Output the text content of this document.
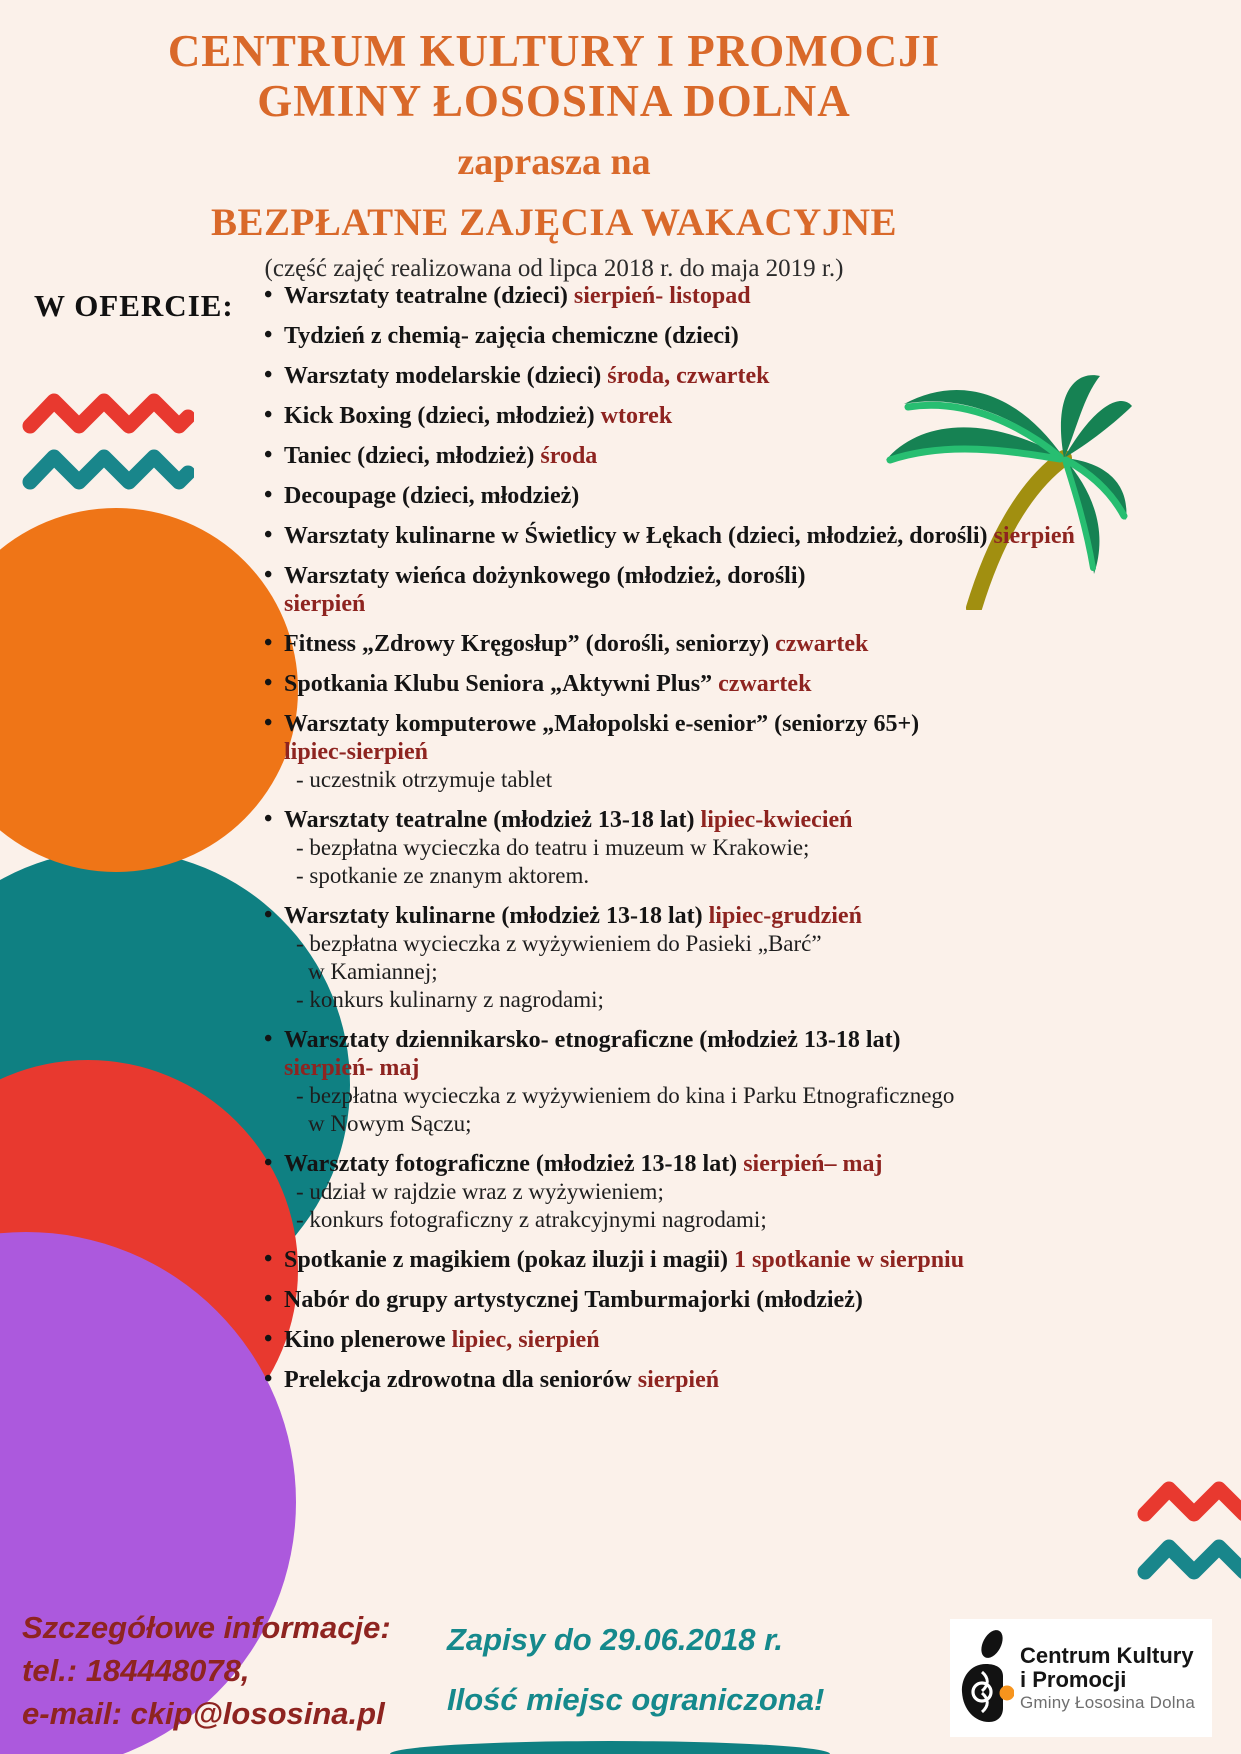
CENTRUM KULTURY I PROMOCJI
GMINY ŁOSOSINA DOLNA
zaprasza na
BEZPŁATNE ZAJĘCIA WAKACYJNE
(część zajęć realizowana od lipca 2018 r. do maja 2019 r.)
W OFERCIE: • Warsztaty teatralne (dzieci) sierpień- listopad
• Tydzień z chemią- zajęcia chemiczne (dzieci)
• Warsztaty modelarskie (dzieci) środa, czwartek
• Kick Boxing (dzieci, młodzież) wtorek
• Taniec (dzieci, młodzież) środa
• Decoupage (dzieci, młodzież)
• Warsztaty kulinarne w Świetlicy w Łękach (dzieci, młodzież, dorośli) sierpień
• Warsztaty wieńca dożynkowego (młodzież, dorośli)
sierpień
• Fitness „Zdrowy Kręgosłup” (dorośli, seniorzy) czwartek
• Spotkania Klubu Seniora „Aktywni Plus” czwartek
• Warsztaty komputerowe „Małopolski e-senior” (seniorzy 65+)
lipiec-sierpień
- uczestnik otrzymuje tablet
• Warsztaty teatralne (młodzież 13-18 lat) lipiec-kwiecień
- bezpłatna wycieczka do teatru i muzeum w Krakowie;
- spotkanie ze znanym aktorem.
• Warsztaty kulinarne (młodzież 13-18 lat) lipiec-grudzień
- bezpłatna wycieczka z wyżywieniem do Pasieki „Barć”
w Kamiannej;
- konkurs kulinarny z nagrodami;
• Warsztaty dziennikarsko- etnograficzne (młodzież 13-18 lat)
sierpień- maj
- bezpłatna wycieczka z wyżywieniem do kina i Parku Etnograficznego
w Nowym Sączu;
• Warsztaty fotograficzne (młodzież 13-18 lat) sierpień– maj
- udział w rajdzie wraz z wyżywieniem;
- konkurs fotograficzny z atrakcyjnymi nagrodami;
• Spotkanie z magikiem (pokaz iluzji i magii) 1 spotkanie w sierpniu
• Nabór do grupy artystycznej Tamburmajorki (młodzież)
• Kino plenerowe lipiec, sierpień
• Prelekcja zdrowotna dla seniorów sierpień
Szczegółowe informacje:
tel.: 184448078,
e-mail: ckip@lososina.pl
Zapisy do 29.06.2018 r.
Ilość miejsc ograniczona!
Centrum Kultury
i Promocji
Gminy Łososina Dolna
